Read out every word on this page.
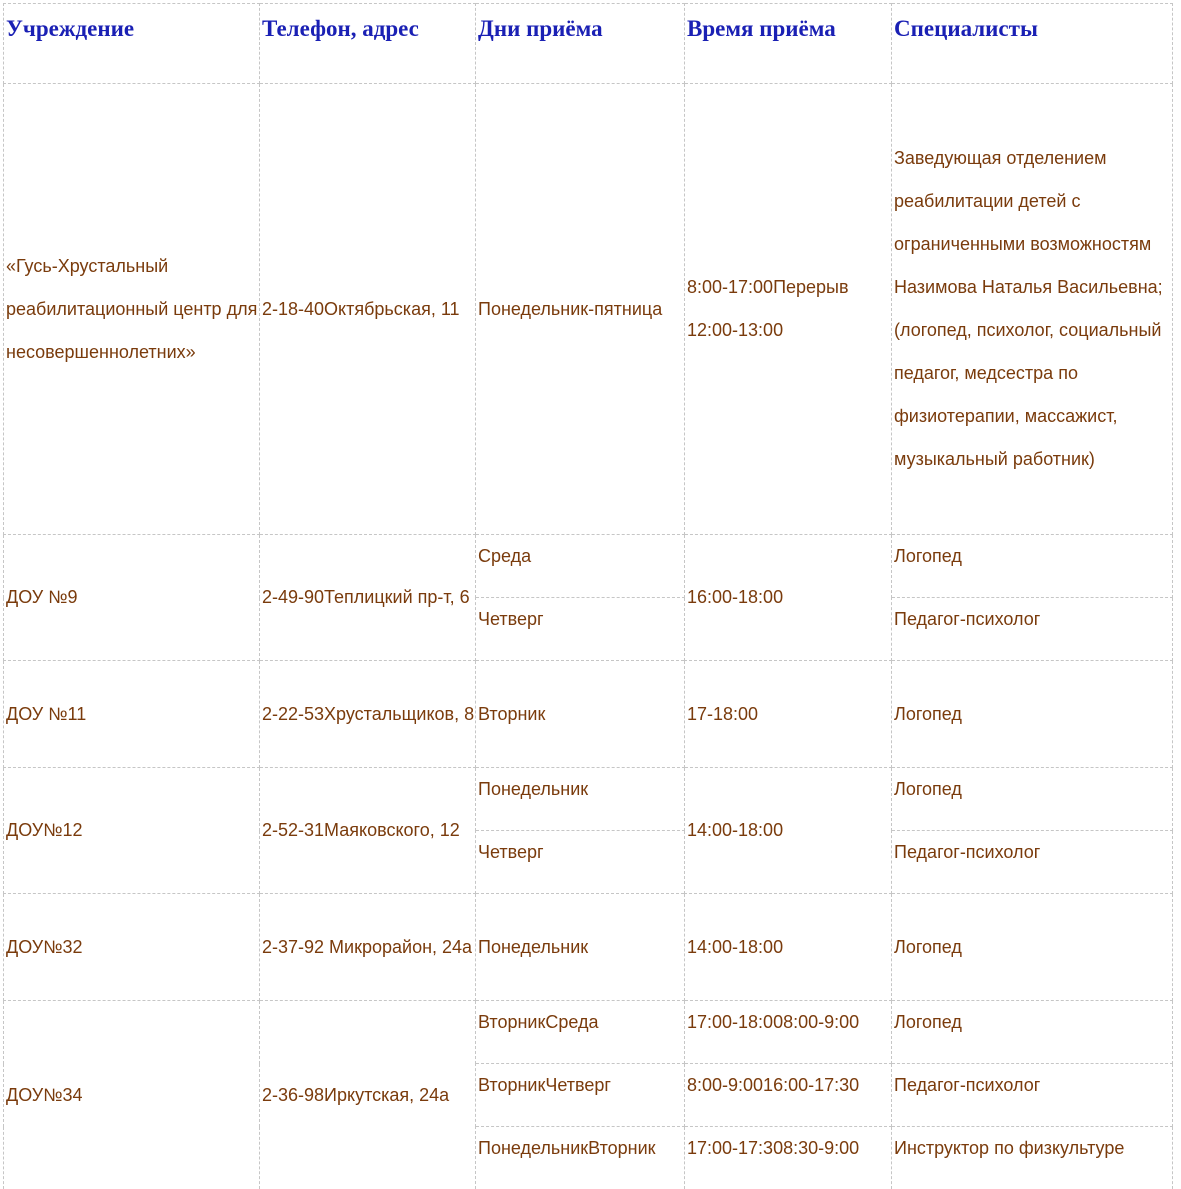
Учреждение	Телефон, адрес	Дни приёма	Время приёма	Специалисты
«Гусь-Хрустальный реабилитационный центр для несовершеннолетних»	2-18-40Октябрьская, 11	Понедельник-пятница	8:00-17:00Перерыв 12:00-13:00	Заведующая отделением реабилитации детей с ограниченными возможностям Назимова Наталья Васильевна; (логопед, психолог, социальный педагог, медсестра по физиотерапии, массажист, музыкальный работник)
ДОУ №9	2-49-90Теплицкий пр-т, 6	Среда	16:00-18:00	Логопед
		Четверг		Педагог-психолог
ДОУ №11	2-22-53Хрустальщиков, 8	Вторник	17-18:00	Логопед
ДОУ№12	2-52-31Маяковского, 12	Понедельник	14:00-18:00	Логопед
		Четверг		Педагог-психолог
ДОУ№32	2-37-92 Микрорайон, 24а	Понедельник	14:00-18:00	Логопед
ДОУ№34	2-36-98Иркутская, 24а	ВторникСреда	17:00-18:008:00-9:00	Логопед
		ВторникЧетверг	8:00-9:0016:00-17:30	Педагог-психолог
		ПонедельникВторник	17:00-17:308:30-9:00	Инструктор по физкультуре
